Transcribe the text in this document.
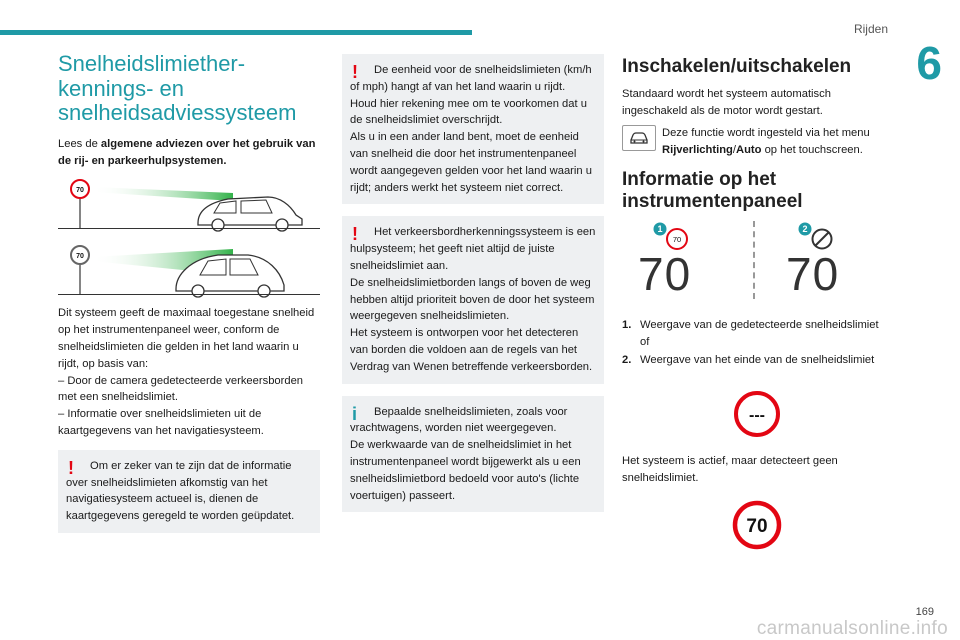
Rijden
6
Snelheidslimiether-
kennings- en
snelheidsadviessysteem

Lees de algemene adviezen over het gebruik van de rij- en parkeerhulpsystemen.

70
70

Dit systeem geeft de maximaal toegestane snelheid op het instrumentenpaneel weer, conform de snelheidslimieten die gelden in het land waarin u rijdt, op basis van:
– Door de camera gedetecteerde verkeersborden met een snelheidslimiet.
– Informatie over snelheidslimieten uit de kaartgegevens van het navigatiesysteem.

!	Om er zeker van te zijn dat de informatie over snelheidslimieten afkomstig van het navigatiesysteem actueel is, dienen de kaartgegevens geregeld te worden geüpdatet.

!	De eenheid voor de snelheidslimieten (km/h of mph) hangt af van het land waarin u rijdt.

Houd hier rekening mee om te voorkomen dat u de snelheidslimiet overschrijdt.
Als u in een ander land bent, moet de eenheid van snelheid die door het instrumentenpaneel wordt aangegeven gelden voor het land waarin u rijdt; anders werkt het systeem niet correct.

!	Het verkeersbordherkenningssysteem is een hulpsysteem; het geeft niet altijd de juiste snelheidslimiet aan.

De snelheidslimietborden langs of boven de weg hebben altijd prioriteit boven de door het systeem weergegeven snelheidslimieten.
Het systeem is ontworpen voor het detecteren van borden die voldoen aan de regels van het Verdrag van Wenen betreffende verkeersborden.

i	Bepaalde snelheidslimieten, zoals voor vrachtwagens, worden niet weergegeven.

De werkwaarde van de snelheidslimiet in het instrumentenpaneel wordt bijgewerkt als u een snelheidslimietbord bedoeld voor auto's (lichte voertuigen) passeert.

Inschakelen/uitschakelen

Standaard wordt het systeem automatisch ingeschakeld als de motor wordt gestart.

Deze functie wordt ingesteld via het menu Rijverlichting/Auto op het touchscreen.

Informatie op het
instrumentenpaneel
1
70
2
70 70
1. Weergave van de gedetecteerde snelheidslimiet
of
2. Weergave van het einde van de snelheidslimiet
---

Het systeem is actief, maar detecteert geen snelheidslimiet.

70
carmanualsonline.info
169
